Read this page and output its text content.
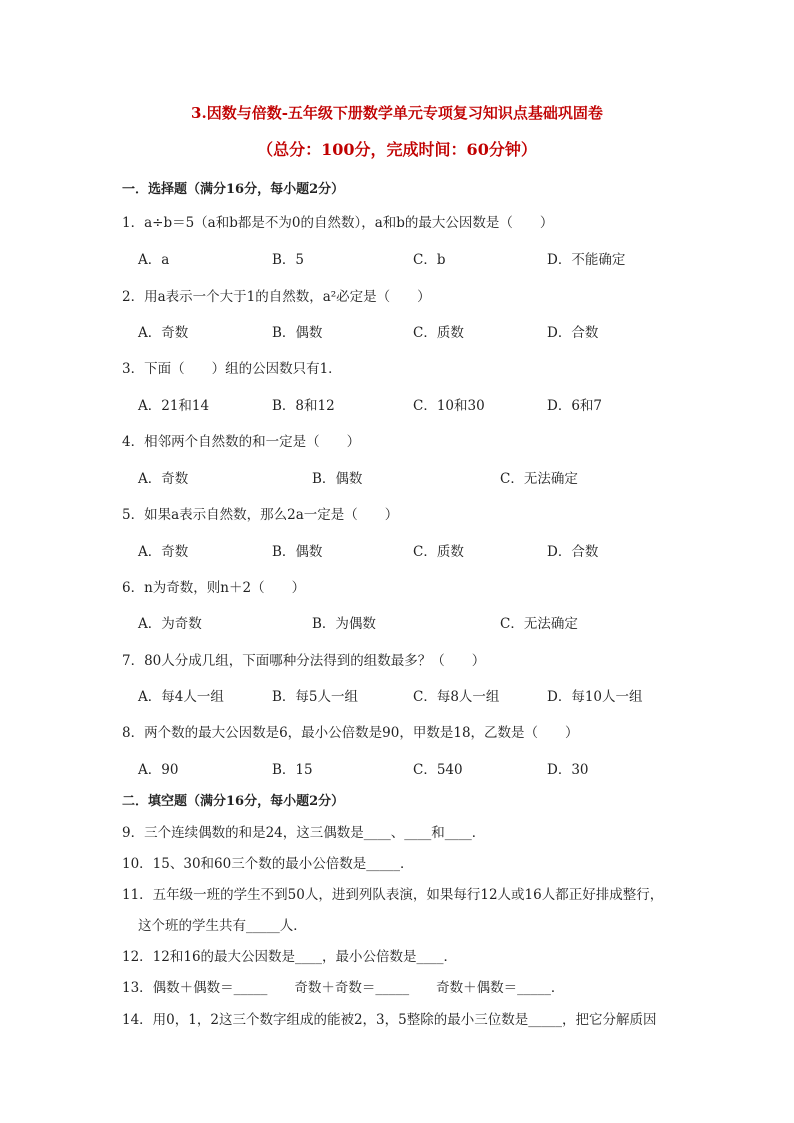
3.因数与倍数-五年级下册数学单元专项复习知识点基础巩固卷
（总分：100分，完成时间：60分钟）
一．选择题（满分16分，每小题2分）
1．a÷b＝5（a和b都是不为0的自然数），a和b的最大公因数是（　　）
A．a	B．5	C．b	D．不能确定
2．用a表示一个大于1的自然数，a²必定是（　　）
A．奇数	B．偶数	C．质数	D．合数
3．下面（　　）组的公因数只有1．
A．21和14	B．8和12	C．10和30	D．6和7
4．相邻两个自然数的和一定是（　　）
A．奇数	B．偶数	C．无法确定
5．如果a表示自然数，那么2a一定是（　　）
A．奇数	B．偶数	C．质数	D．合数
6．n为奇数，则n＋2（　　）
A．为奇数	B．为偶数	C．无法确定
7．80人分成几组，下面哪种分法得到的组数最多？（　　）
A．每4人一组	B．每5人一组	C．每8人一组	D．每10人一组
8．两个数的最大公因数是6，最小公倍数是90，甲数是18，乙数是（　　）
A．90	B．15	C．540	D．30
二．填空题（满分16分，每小题2分）
9．三个连续偶数的和是24，这三偶数是____、____和____．
10．15、30和60三个数的最小公倍数是_____．
11．五年级一班的学生不到50人，进到列队表演，如果每行12人或16人都正好排成整行，
这个班的学生共有_____人．
12．12和16的最大公因数是____，最小公倍数是____．
13．偶数＋偶数＝_____　　奇数＋奇数＝_____　　奇数＋偶数＝_____．
14．用0，1，2这三个数字组成的能被2，3，5整除的最小三位数是_____，把它分解质因
